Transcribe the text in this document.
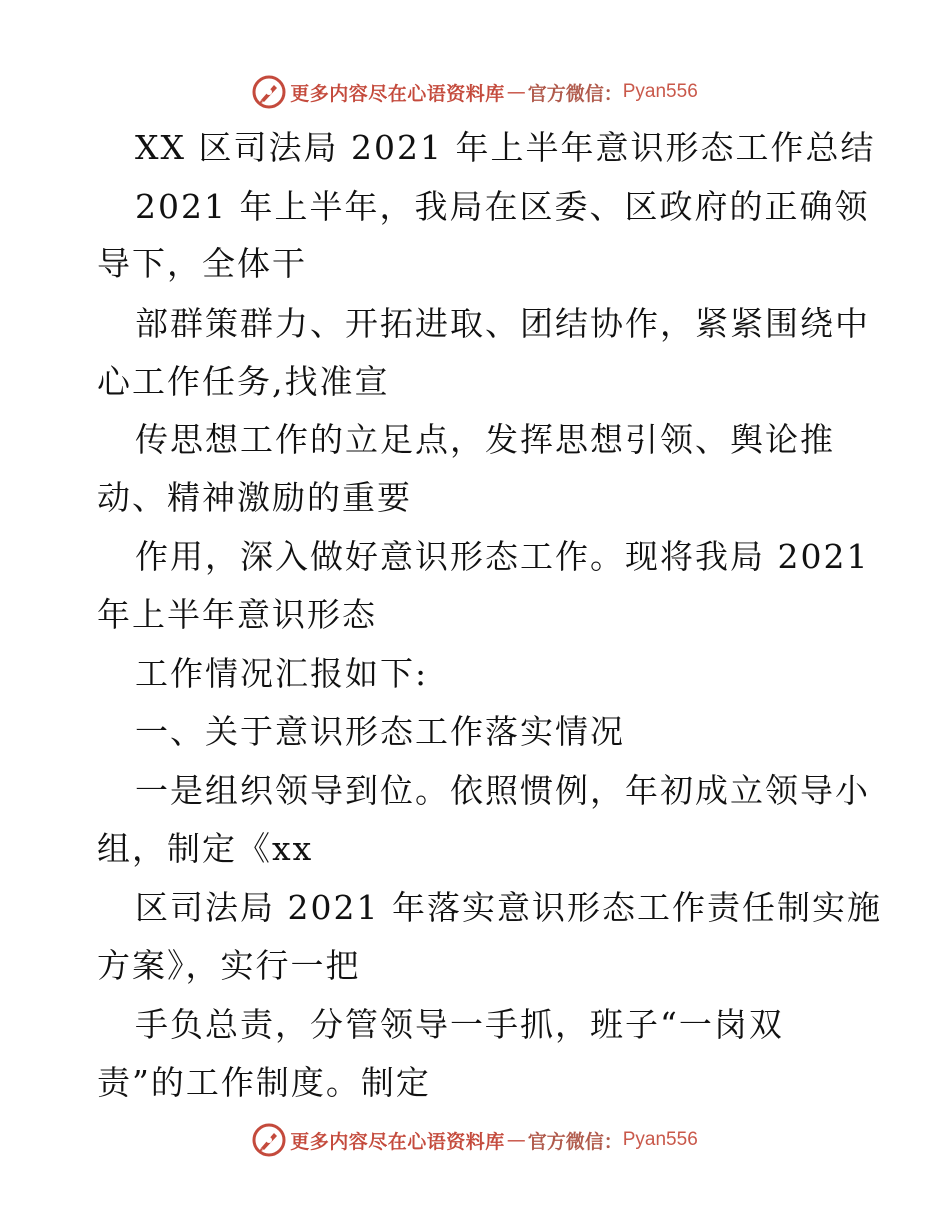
更多内容尽在心语资料库 — 官方微信： Pyan556
XX 区司法局 2021 年上半年意识形态工作总结
2021 年上半年，我局在区委、区政府的正确领
导下，全体干
部群策群力、开拓进取、团结协作，紧紧围绕中
心工作任务,找准宣
传思想工作的立足点，发挥思想引领、舆论推
动、精神激励的重要
作用，深入做好意识形态工作。现将我局 2021
年上半年意识形态
工作情况汇报如下:
一、关于意识形态工作落实情况
一是组织领导到位。依照惯例，年初成立领导小
组，制定《xx
区司法局 2021 年落实意识形态工作责任制实施
方案》，实行一把
手负总责，分管领导一手抓，班子“一岗双
责”的工作制度。制定
更多内容尽在心语资料库 — 官方微信： Pyan556
